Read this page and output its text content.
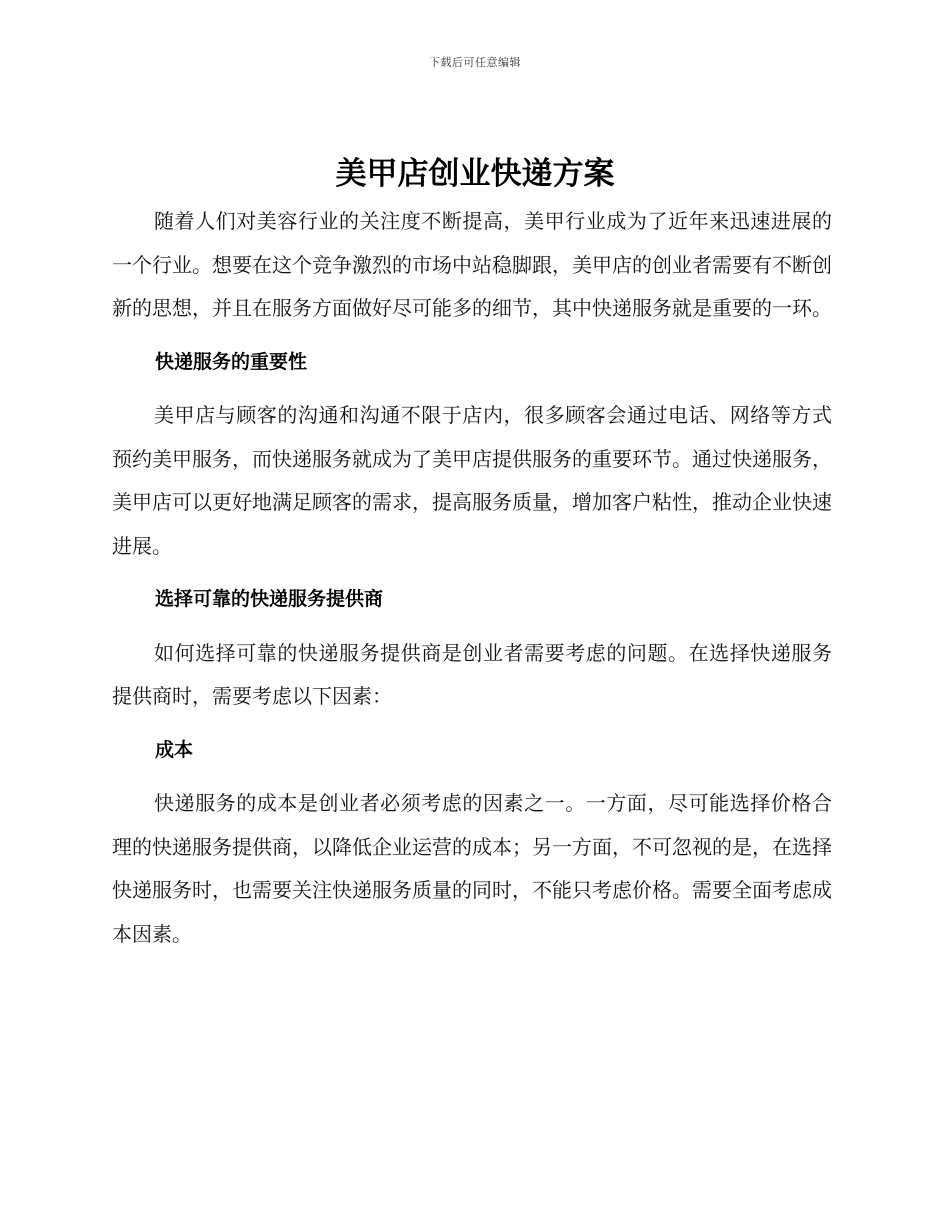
下载后可任意编辑
美甲店创业快递方案

随着人们对美容行业的关注度不断提高，美甲行业成为了近年来迅速进展的一个行业。想要在这个竞争激烈的市场中站稳脚跟，美甲店的创业者需要有不断创新的思想，并且在服务方面做好尽可能多的细节，其中快递服务就是重要的一环。

快递服务的重要性

美甲店与顾客的沟通和沟通不限于店内，很多顾客会通过电话、网络等方式预约美甲服务，而快递服务就成为了美甲店提供服务的重要环节。通过快递服务，美甲店可以更好地满足顾客的需求，提高服务质量，增加客户粘性，推动企业快速进展。

选择可靠的快递服务提供商

如何选择可靠的快递服务提供商是创业者需要考虑的问题。在选择快递服务提供商时，需要考虑以下因素：

成本

快递服务的成本是创业者必须考虑的因素之一。一方面，尽可能选择价格合理的快递服务提供商，以降低企业运营的成本；另一方面，不可忽视的是，在选择快递服务时，也需要关注快递服务质量的同时，不能只考虑价格。需要全面考虑成本因素。
